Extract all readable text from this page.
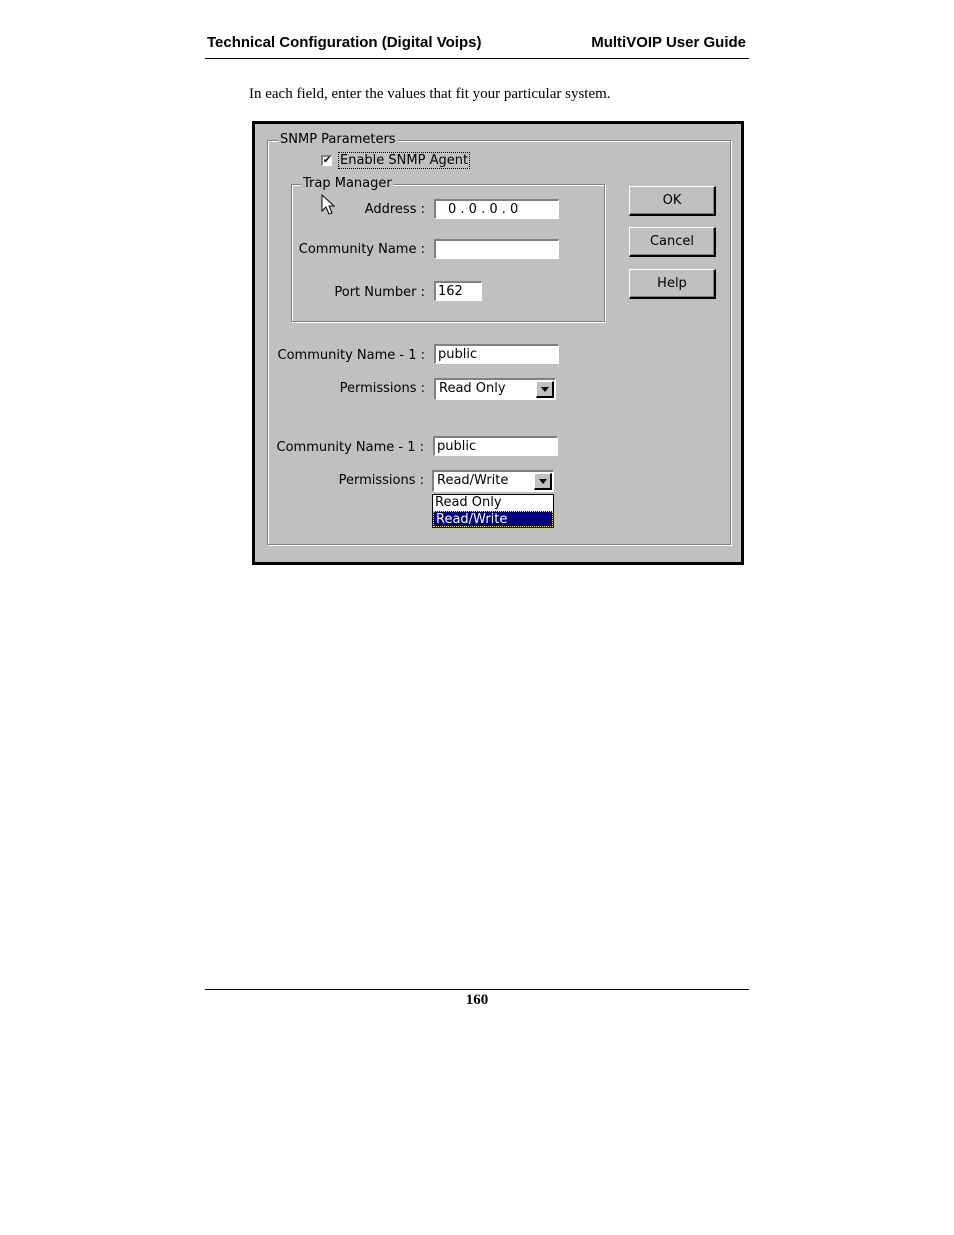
Technical Configuration (Digital Voips)	MultiVOIP User Guide
In each field, enter the values that fit your particular system.
SNMP Parameters
✔ Enable SNMP Agent
Trap Manager
Address :	0 . 0 . 0 . 0
Community Name :
Port Number :	162
Community Name - 1 :	public
Permissions : Read Only
Community Name - 1 :	public
Permissions : Read/Write
Read Only
Read/Write
OK
Cancel
Help
160
